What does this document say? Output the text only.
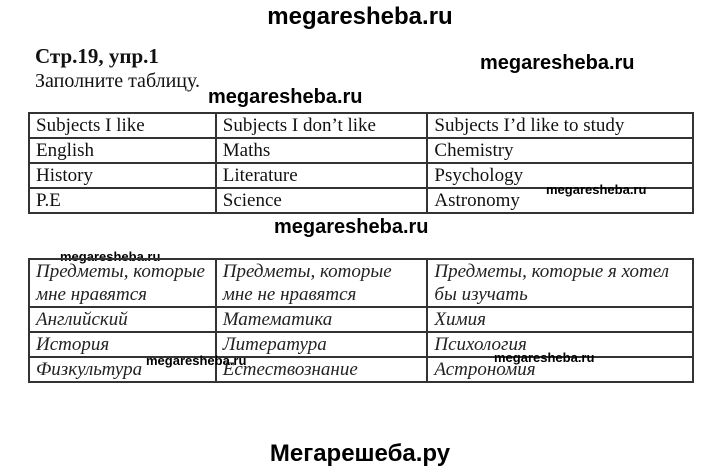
megaresheba.ru
Стр.19, упр.1	megaresheba.ru
Заполните таблицу.
megaresheba.ru
Subjects I like	Subjects I don’t like	Subjects I’d like to study
English	Maths	Chemistry
History	Literature	Psychology
P.E	Science	Astronomy
megaresheba.ru
megaresheba.ru
megaresheba.ru
Предметы, которые мне нравятся	Предметы, которые мне не нравятся	Предметы, которые я хотел бы изучать
Английский	Математика	Химия
История	Литература	Психология
Физкультура	Естествознание	Астрономия
megaresheba.ru	megaresheba.ru
Мегарешеба.ру
